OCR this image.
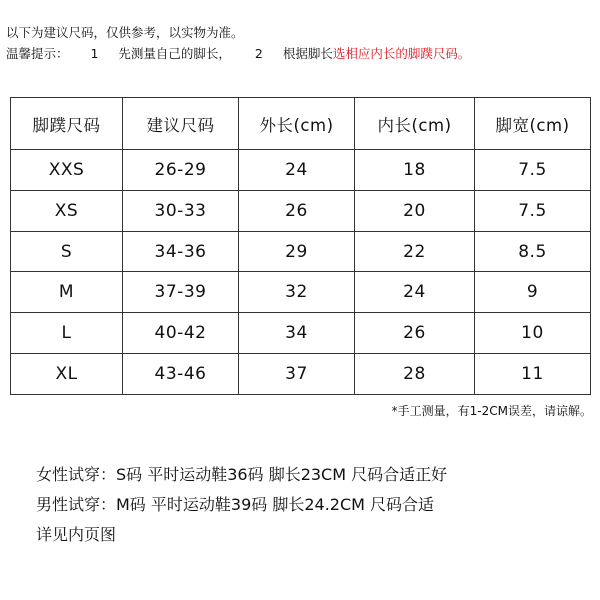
以下为建议尺码，仅供参考，以实物为准。
温馨提示： 1 先测量自己的脚长， 2 根据脚长选相应内长的脚蹼尺码。
脚蹼尺码	建议尺码	外长(cm)	内长(cm)	脚宽(cm)
XXS	26-29	24	18	7.5
XS	30-33	26	20	7.5
S	34-36	29	22	8.5
M	37-39	32	24	9
L	40-42	34	26	10
XL	43-46	37	28	11
*手工测量，有1-2CM误差，请谅解。
女性试穿：S码 平时运动鞋36码 脚长23CM 尺码合适正好
男性试穿：M码 平时运动鞋39码 脚长24.2CM 尺码合适
详见内页图
